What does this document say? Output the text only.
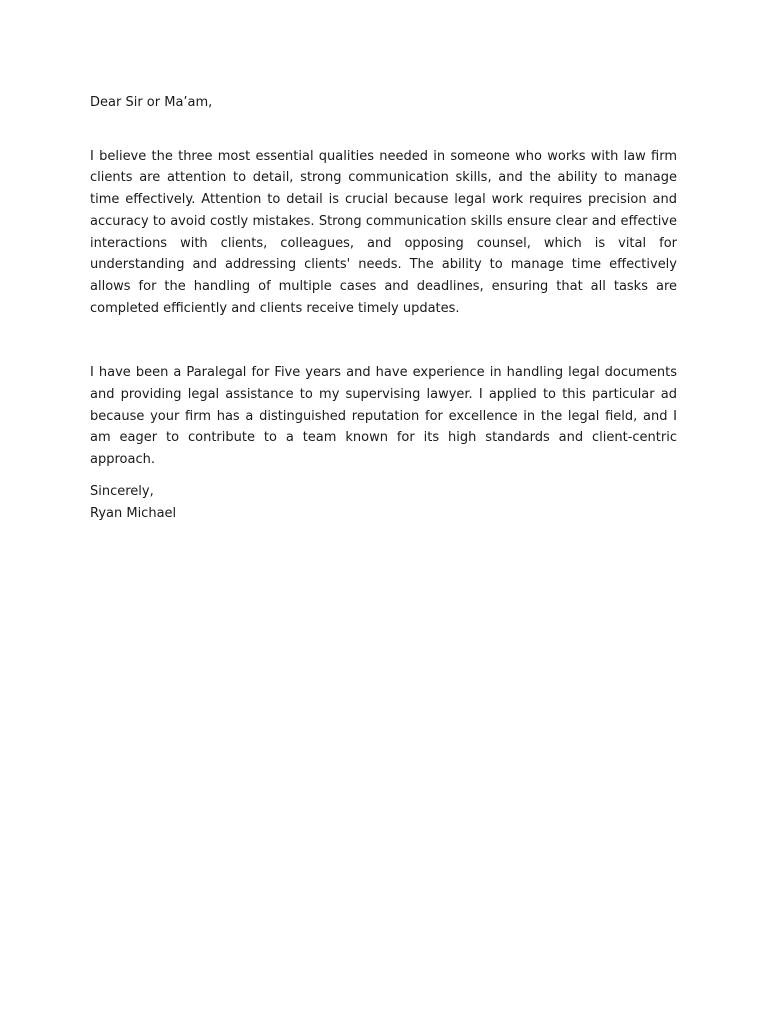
Dear Sir or Ma’am,

I believe the three most essential qualities needed in someone who works with law firm clients are attention to detail, strong communication skills, and the ability to manage time effectively. Attention to detail is crucial because legal work requires precision and accuracy to avoid costly mistakes. Strong communication skills ensure clear and effective interactions with clients, colleagues, and opposing counsel, which is vital for understanding and addressing clients' needs. The ability to manage time effectively allows for the handling of multiple cases and deadlines, ensuring that all tasks are completed efficiently and clients receive timely updates.

I have been a Paralegal for Five years and have experience in handling legal documents and providing legal assistance to my supervising lawyer. I applied to this particular ad because your firm has a distinguished reputation for excellence in the legal field, and I am eager to contribute to a team known for its high standards and client-centric approach.

Sincerely,

Ryan Michael
